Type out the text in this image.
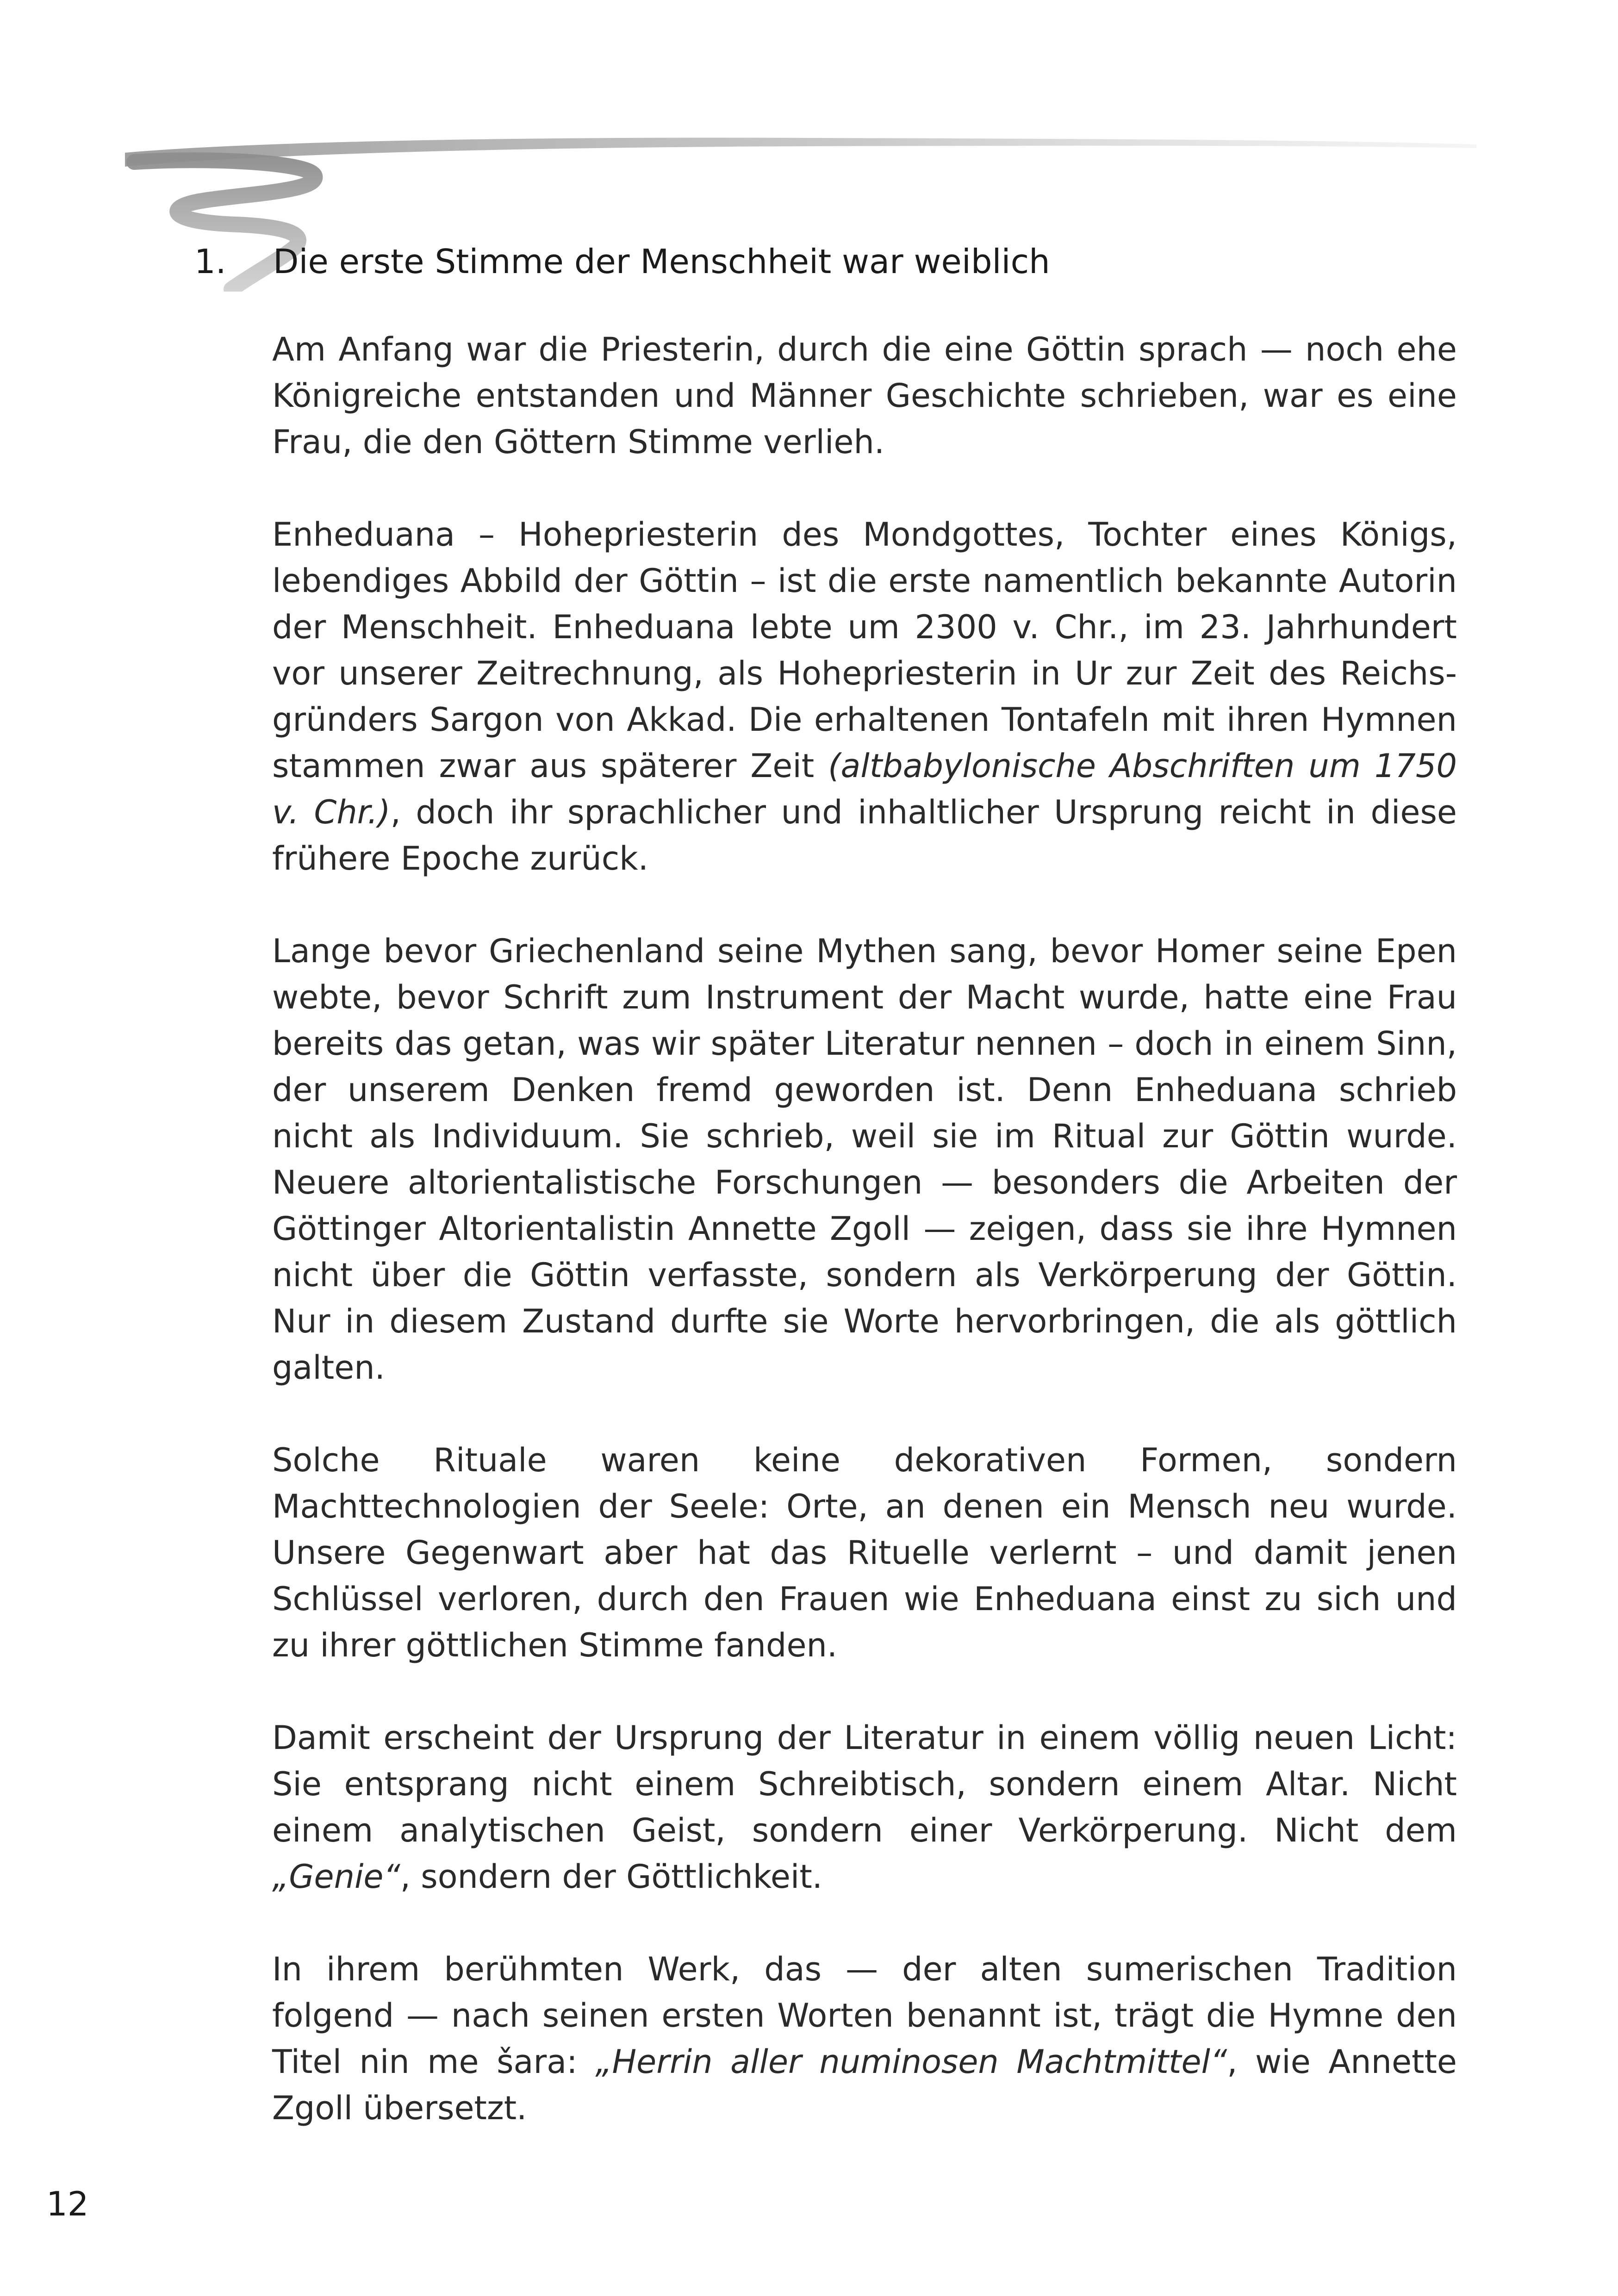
1. Die erste Stimme der Menschheit war weiblich

Am Anfang war die Priesterin, durch die eine Göttin sprach — noch ehe Königreiche entstanden und Männer Geschichte schrieben, war es eine Frau, die den Göttern Stimme verlieh.

Enheduana – Hohepriesterin des Mondgottes, Tochter eines Königs, lebendiges Abbild der Göttin – ist die erste namentlich bekannte Autorin der Menschheit. Enheduana lebte um 2300 v. Chr., im 23. Jahrhundert vor unserer Zeitrechnung, als Hohepriesterin in Ur zur Zeit des Reichsgründers Sargon von Akkad. Die erhaltenen Tontafeln mit ihren Hymnen stammen zwar aus späterer Zeit (altbabylonische Abschriften um 1750 v. Chr.), doch ihr sprachlicher und inhaltlicher Ursprung reicht in diese frühere Epoche zurück.

Lange bevor Griechenland seine Mythen sang, bevor Homer seine Epen webte, bevor Schrift zum Instrument der Macht wurde, hatte eine Frau bereits das getan, was wir später Literatur nennen – doch in einem Sinn, der unserem Denken fremd geworden ist. Denn Enheduana schrieb nicht als Individuum. Sie schrieb, weil sie im Ritual zur Göttin wurde. Neuere altorientalistische Forschungen — besonders die Arbeiten der Göttinger Altorientalistin Annette Zgoll — zeigen, dass sie ihre Hymnen nicht über die Göttin verfasste, sondern als Verkörperung der Göttin. Nur in diesem Zustand durfte sie Worte hervorbringen, die als göttlich galten.

Solche Rituale waren keine dekorativen Formen, sondern Machttechnologien der Seele: Orte, an denen ein Mensch neu wurde. Unsere Gegenwart aber hat das Rituelle verlernt – und damit jenen Schlüssel verloren, durch den Frauen wie Enheduana einst zu sich und zu ihrer göttlichen Stimme fanden.

Damit erscheint der Ursprung der Literatur in einem völlig neuen Licht: Sie entsprang nicht einem Schreibtisch, sondern einem Altar. Nicht einem analytischen Geist, sondern einer Verkörperung. Nicht dem „Genie“, sondern der Göttlichkeit.

In ihrem berühmten Werk, das — der alten sumerischen Tradition folgend — nach seinen ersten Worten benannt ist, trägt die Hymne den Titel nin me šara: „Herrin aller numinosen Machtmittel“, wie Annette Zgoll übersetzt.

12
